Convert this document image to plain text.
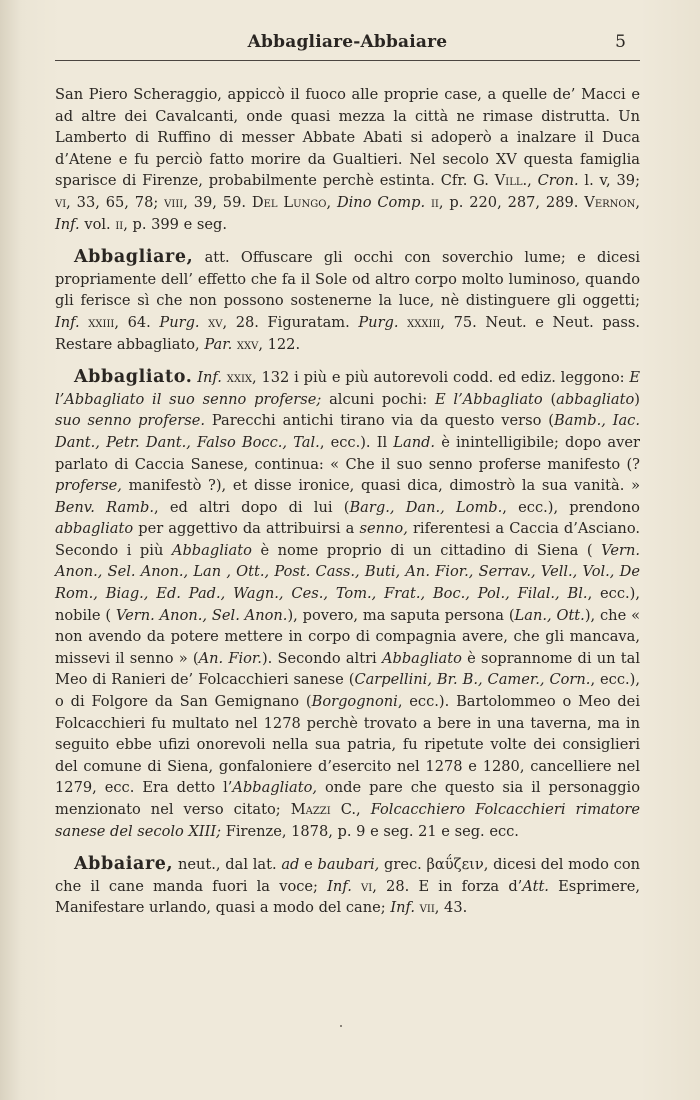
Abbagliare-Abbaiare	5

San Piero Scheraggio, appiccò il fuoco alle proprie case, a quelle de’ Macci e ad altre dei Cavalcanti, onde quasi mezza la città ne rimase distrutta. Un Lamberto di Ruffino di messer Abbate Abati si adoperò a inalzare il Duca d’Atene e fu perciò fatto morire da Gualtieri. Nel secolo XV questa famiglia sparisce di Firenze, probabilmente perchè estinta. Cfr. G. Vill., Cron. l. v, 39; vi, 33, 65, 78; viii, 39, 59. Del Lungo, Dino Comp. ii, p. 220, 287, 289. Vernon, Inf. vol. ii, p. 399 e seg.

Abbagliare, att. Offuscare gli occhi con soverchio lume; e dicesi propriamente dell’ effetto che fa il Sole od altro corpo molto luminoso, quando gli ferisce sì che non possono sostenerne la luce, nè distinguere gli oggetti; Inf. xxiii, 64. Purg. xv, 28. Figuratam. Purg. xxxiii, 75. Neut. e Neut. pass. Restare abbagliato, Par. xxv, 122.

Abbagliato. Inf. xxix, 132 i più e più autorevoli codd. ed ediz. leggono: E l’Abbagliato il suo senno proferse; alcuni pochi: E l’Abbagliato (abbagliato) suo senno proferse. Parecchi antichi tirano via da questo verso (Bamb., Iac. Dant., Petr. Dant., Falso Bocc., Tal., ecc.). Il Land. è inintelligibile; dopo aver parlato di Caccia Sanese, continua: « Che il suo senno proferse manifesto (? proferse, manifestò ?), et disse ironice, quasi dica, dimostrò la sua vanità. » Benv. Ramb., ed altri dopo di lui (Barg., Dan., Lomb., ecc.), prendono abbagliato per aggettivo da attribuirsi a senno, riferentesi a Caccia d’Asciano. Secondo i più Abbagliato è nome proprio di un cittadino di Siena ( Vern. Anon., Sel. Anon., Lan , Ott., Post. Cass., Buti, An. Fior., Serrav., Vell., Vol., De Rom., Biag., Ed. Pad., Wagn., Ces., Tom., Frat., Boc., Pol., Filal., Bl., ecc.), nobile ( Vern. Anon., Sel. Anon.), povero, ma saputa persona (Lan., Ott.), che « non avendo da potere mettere in corpo di compagnia avere, che gli mancava, missevi il senno » (An. Fior.). Secondo altri Abbagliato è soprannome di un tal Meo di Ranieri de’ Folcacchieri sanese (Carpellini, Br. B., Camer., Corn., ecc.), o di Folgore da San Gemignano (Borgognoni, ecc.). Bartolommeo o Meo dei Folcacchieri fu multato nel 1278 perchè trovato a bere in una taverna, ma in seguito ebbe ufizi onorevoli nella sua patria, fu ripetute volte dei consiglieri del comune di Siena, gonfaloniere d’esercito nel 1278 e 1280, cancelliere nel 1279, ecc. Era detto l’Abbagliato, onde pare che questo sia il personaggio menzionato nel verso citato; Mazzi C., Folcacchiero Folcacchieri rimatore sanese del secolo XIII; Firenze, 1878, p. 9 e seg. 21 e seg. ecc.

Abbaiare, neut., dal lat. ad e baubari, grec. βαΰζειν, dicesi del modo con che il cane manda fuori la voce; Inf. vi, 28. E in forza d’Att. Esprimere, Manifestare urlando, quasi a modo del cane; Inf. vii, 43.
